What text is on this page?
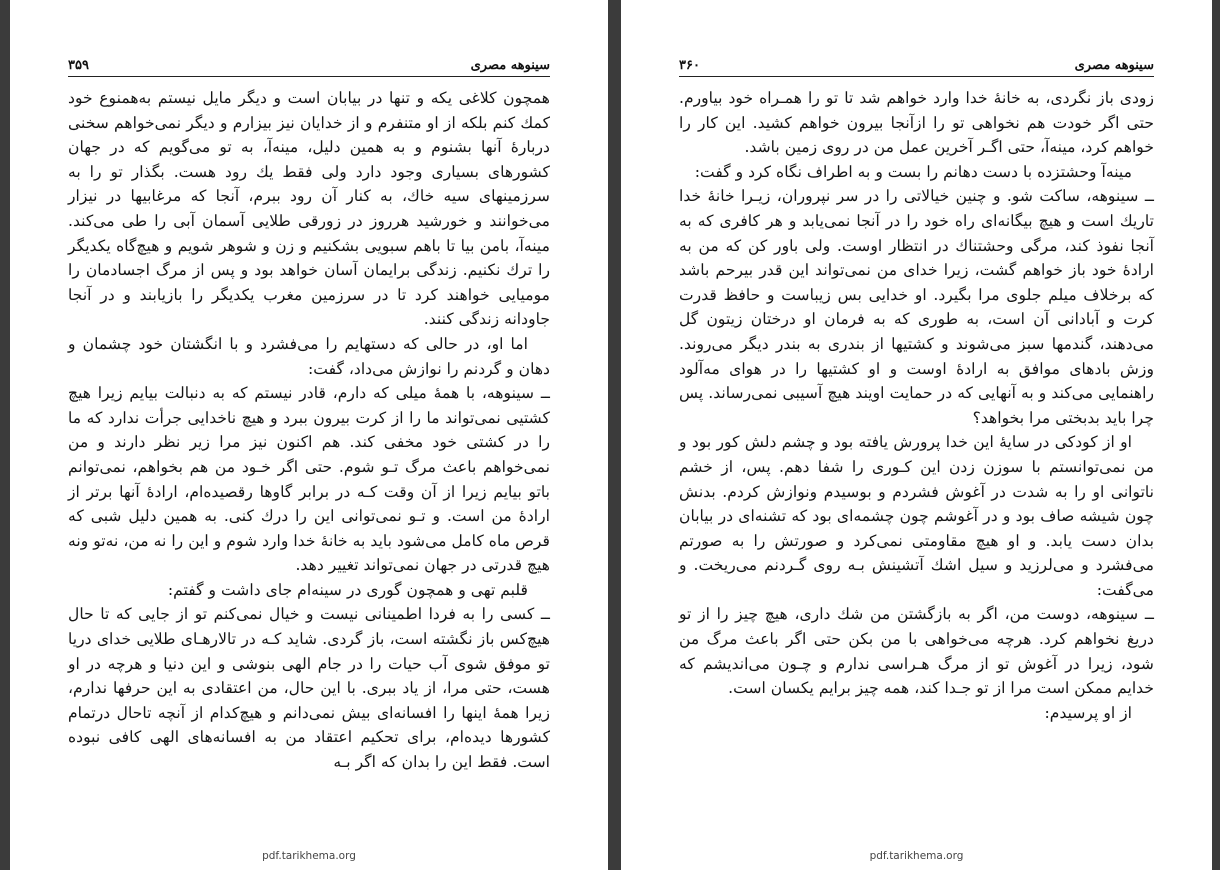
سینوهه مصری
۳۵۹

همچون کلاغی یکه و تنها در بیابان است و دیگر مایل نیستم به‌همنوع خود کمك کنم بلکه از او متنفرم و از خدایان نیز بیزارم و دیگر نمی‌خواهم سخنی دربارهٔ آنها بشنوم و به همین دلیل، مینه‌آ، به تو می‌گویم که در جهان کشورهای بسیاری وجود دارد ولی فقط یك رود هست. بگذار تو را به سرزمینهای سیه خاك، به کنار آن رود ببرم، آنجا که مرغابیها در نیزار می‌خوانند و خورشید هرروز در زورقی طلایی آسمان آبی را طی می‌کند. مینه‌آ، بامن بیا تا باهم سبویی بشکنیم و زن و شوهر شویم و هیچ‌گاه یکدیگر را ترك نکنیم. زندگی برایمان آسان خواهد بود و پس از مرگ اجسادمان را مومیایی خواهند کرد تا در سرزمین مغرب یکدیگر را بازیابند و در آنجا جاودانه زندگی کنند.

اما او، در حالی که دستهایم را می‌فشرد و با انگشتان خود چشمان و دهان و گردنم را نوازش می‌داد، گفت:

ــ سینوهه، با همهٔ میلی که دارم، قادر نیستم که به دنبالت بیایم زیرا هیچ کشتیی نمی‌تواند ما را از کرت بیرون ببرد و هیچ ناخدایی جرأت ندارد که ما را در کشتی خود مخفی کند. هم اکنون نیز مرا زیر نظر دارند و من نمی‌خواهم باعث مرگ تـو شوم. حتی اگر خـود من هم بخواهم، نمی‌توانم باتو بیایم زیرا از آن وقت کـه در برابر گاوها رقصیده‌ام، ارادهٔ آنها برتر از ارادهٔ من است. و تـو نمی‌توانی این را درك کنی. به همین دلیل شبی که قرص ماه کامل می‌شود باید به خانهٔ خدا وارد شوم و این را نه من، نه‌تو ونه هیچ قدرتی در جهان نمی‌تواند تغییر دهد.

قلبم تهی و همچون گوری در سینه‌ام جای داشت و گفتم:

ــ کسی را به فردا اطمینانی نیست و خیال نمی‌کنم تو از جایی که تا حال هیچ‌کس باز نگشته است، باز گردی. شاید کـه در تالارهـای طلایی خدای دریا تو موفق شوی آب حیات را در جام الهی بنوشی و این دنیا و هرچه در او هست، حتی مرا، از یاد ببری. با این حال، من اعتقادی به این حرفها ندارم، زیرا همهٔ اینها را افسانه‌ای بیش نمی‌دانم و هیچ‌کدام از آنچه تاحال درتمام کشورها دیده‌ام، برای تحکیم اعتقاد من به افسانه‌های الهی کافی نبوده است. فقط این را بدان که اگر بـه

pdf.tarikhema.org
سینوهه مصری
۳۶۰

زودی باز نگردی، به خانهٔ خدا وارد خواهم شد تا تو را همـراه خود بیاورم. حتی اگر خودت هم نخواهی تو را ازآنجا بیرون خواهم کشید. این کار را خواهم کرد، مینه‌آ، حتی اگـر آخرین عمل من در روی زمین باشد.

مینه‌آ وحشتزده با دست دهانم را بست و به اطراف نگاه کرد و گفت:

ــ سینوهه، ساکت شو. و چنین خیالاتی را در سر نپروران، زیـرا خانهٔ خدا تاریك است و هیچ بیگانه‌ای راه خود را در آنجا نمی‌یابد و هر کافری که به آنجا نفوذ کند، مرگی وحشتناك در انتظار اوست. ولی باور کن که من به ارادهٔ خود باز خواهم گشت، زیرا خدای من نمی‌تواند این قدر بیرحم باشد که برخلاف میلم جلوی مرا بگیرد. او خدایی بس زیباست و حافظ قدرت کرت و آبادانی آن است، به طوری که به فرمان او درختان زیتون گل می‌دهند، گندمها سبز می‌شوند و کشتیها از بندری به بندر دیگر می‌روند. وزش بادهای موافق به ارادهٔ اوست و او کشتیها را در هوای مه‌آلود راهنمایی می‌کند و به آنهایی که در حمایت اویند هیچ آسیبی نمی‌رساند. پس چرا باید بدبختی مرا بخواهد؟

او از کودکی در سایهٔ این خدا پرورش یافته بود و چشم دلش کور بود و من نمی‌توانستم با سوزن زدن این کـوری را شفا دهم. پس، از خشم ناتوانی او را به شدت در آغوش فشردم و بوسیدم ونوازش کردم. بدنش چون شیشه صاف بود و در آغوشم چون چشمه‌ای بود که تشنه‌ای در بیابان بدان دست یابد. و او هیچ مقاومتی نمی‌کرد و صورتش را به صورتم می‌فشرد و می‌لرزید و سیل اشك آتشینش بـه روی گـردنم می‌ریخت. و می‌گفت:

ــ سینوهه، دوست من، اگر به بازگشتن من شك داری، هیچ چیز را از تو دریغ نخواهم کرد. هرچه می‌خواهی با من بکن حتی اگر باعث مرگ من شود، زیرا در آغوش تو از مرگ هـراسی ندارم و چـون می‌اندیشم که خدایم ممکن است مرا از تو جـدا کند، همه چیز برایم یکسان است.

از او پرسیدم:

pdf.tarikhema.org
